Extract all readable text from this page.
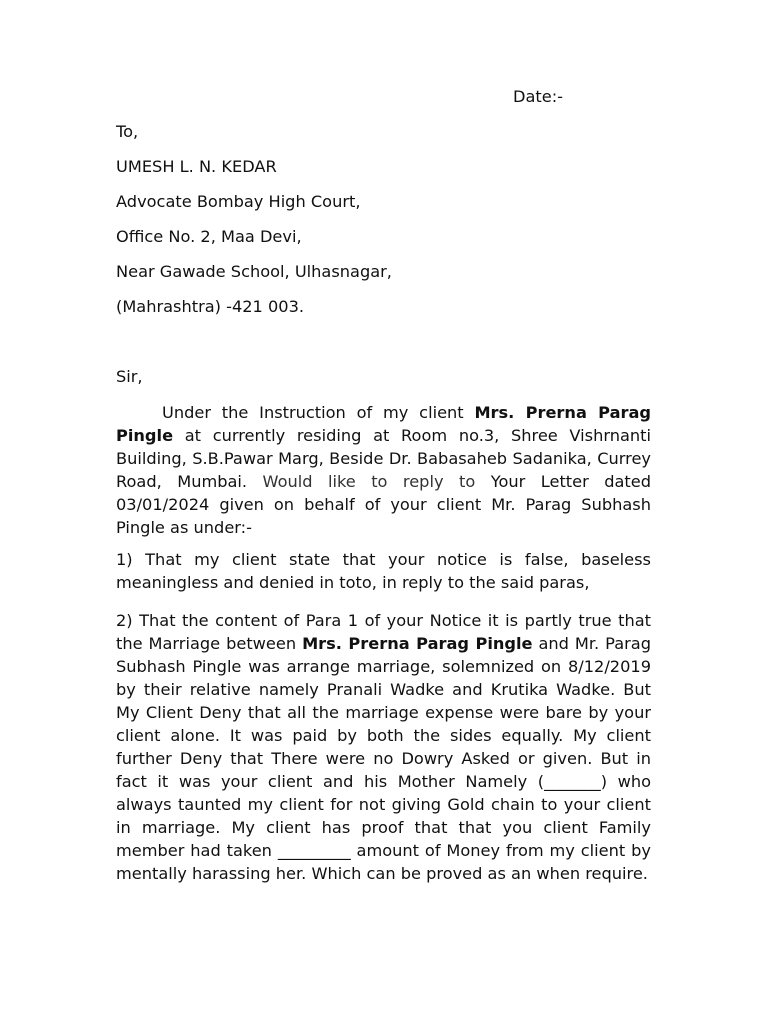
Date:-
To,
UMESH L. N. KEDAR
Advocate Bombay High Court,
Office No. 2, Maa Devi,
Near Gawade School, Ulhasnagar,
(Mahrashtra) -421 003.
Sir,

Under the Instruction of my client Mrs. Prerna Parag Pingle at currently residing at Room no.3, Shree Vishrnanti Building, S.B.Pawar Marg, Beside Dr. Babasaheb Sadanika, Currey Road, Mumbai. Would like to reply to Your Letter dated 03/01/2024 given on behalf of your client Mr. Parag Subhash Pingle as under:-

1) That my client state that your notice is false, baseless meaningless and denied in toto, in reply to the said paras,

2) That the content of Para 1 of your Notice it is partly true that the Marriage between Mrs. Prerna Parag Pingle and Mr. Parag Subhash Pingle was arrange marriage, solemnized on 8/12/2019 by their relative namely Pranali Wadke and Krutika Wadke. But My Client Deny that all the marriage expense were bare by your client alone. It was paid by both the sides equally. My client further Deny that There were no Dowry Asked or given. But in fact it was your client and his Mother Namely (_______) who always taunted my client for not giving Gold chain to your client in marriage. My client has proof that that you client Family member had taken _________ amount of Money from my client by mentally harassing her. Which can be proved as an when require.
